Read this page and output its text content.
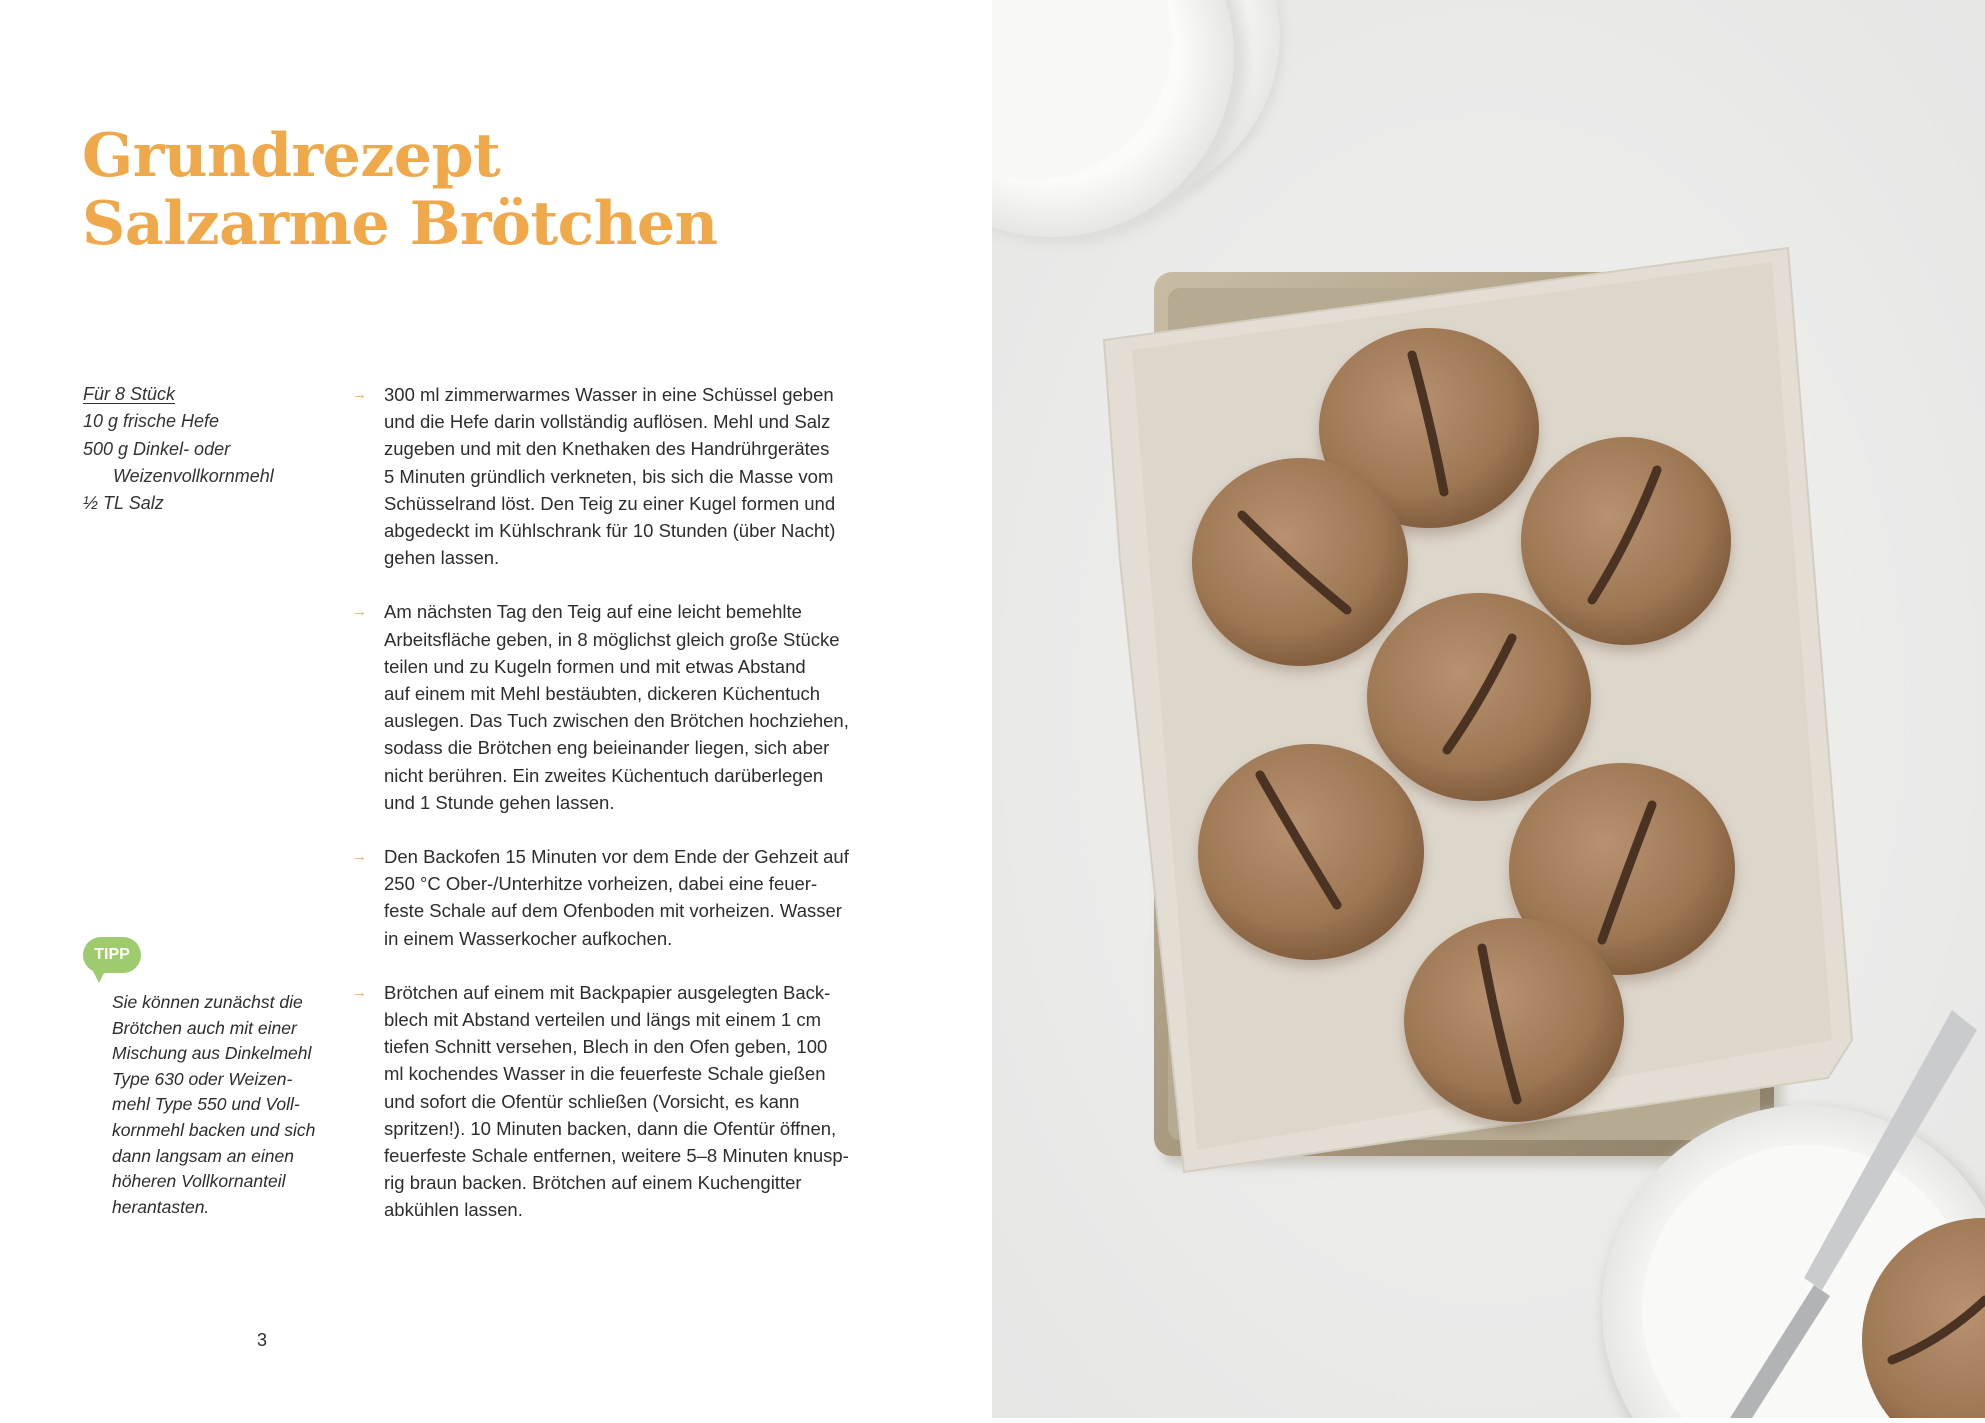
Grundrezept
Salzarme Brötchen
Für 8 Stück
10 g frische Hefe
500 g Dinkel- oder
Weizenvollkornmehl
½ TL Salz
→ 300 ml zimmerwarmes Wasser in eine Schüssel geben
und die Hefe darin vollständig auflösen. Mehl und Salz
zugeben und mit den Knethaken des Handrührgerätes
5 Minuten gründlich verkneten, bis sich die Masse vom
Schüsselrand löst. Den Teig zu einer Kugel formen und
abgedeckt im Kühlschrank für 10 Stunden (über Nacht)
gehen lassen.
→ Am nächsten Tag den Teig auf eine leicht bemehlte
Arbeitsfläche geben, in 8 möglichst gleich große Stücke
teilen und zu Kugeln formen und mit etwas Abstand
auf einem mit Mehl bestäubten, dickeren Küchentuch
auslegen. Das Tuch zwischen den Brötchen hochziehen,
sodass die Brötchen eng beieinander liegen, sich aber
nicht berühren. Ein zweites Küchentuch darüberlegen
und 1 Stunde gehen lassen.
→ Den Backofen 15 Minuten vor dem Ende der Gehzeit auf
250 °C Ober-/Unterhitze vorheizen, dabei eine feuer-
feste Schale auf dem Ofenboden mit vorheizen. Wasser
in einem Wasserkocher aufkochen.
→ Brötchen auf einem mit Backpapier ausgelegten Back-
blech mit Abstand verteilen und längs mit einem 1 cm
tiefen Schnitt versehen, Blech in den Ofen geben, 100
ml kochendes Wasser in die feuerfeste Schale gießen
und sofort die Ofentür schließen (Vorsicht, es kann
spritzen!). 10 Minuten backen, dann die Ofentür öffnen,
feuerfeste Schale entfernen, weitere 5–8 Minuten knusp-
rig braun backen. Brötchen auf einem Kuchengitter
abkühlen lassen.
TIPP
Sie können zunächst die
Brötchen auch mit einer
Mischung aus Dinkelmehl
Type 630 oder Weizen-
mehl Type 550 und Voll-
kornmehl backen und sich
dann langsam an einen
höheren Vollkornanteil
herantasten.
3
